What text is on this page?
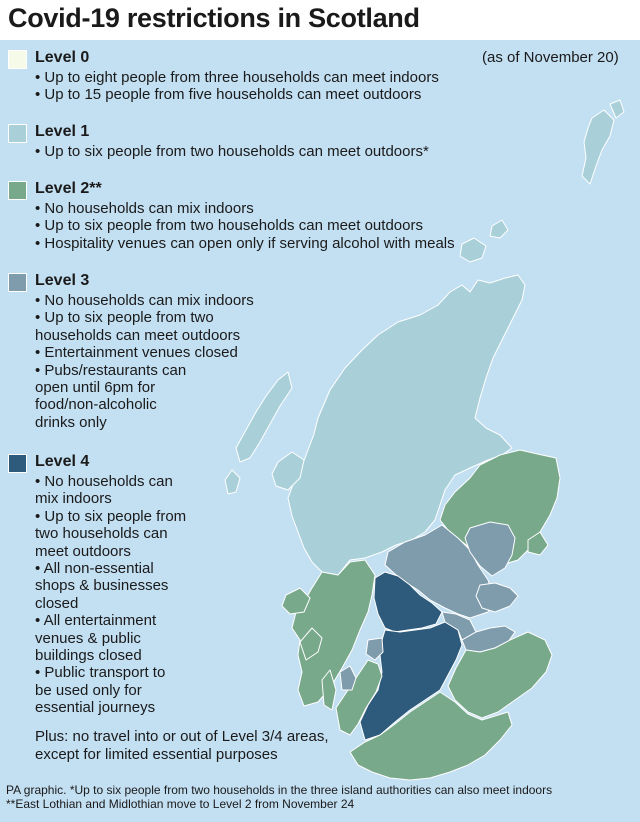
Covid-19 restrictions in Scotland
(as of November 20)
Level 0
• Up to eight people from three households can meet indoors
• Up to 15 people from five households can meet outdoors
Level 1
• Up to six people from two households can meet outdoors*
Level 2**
• No households can mix indoors
• Up to six people from two households can meet outdoors
• Hospitality venues can open only if serving alcohol with meals
Level 3
• No households can mix indoors
• Up to six people from two
households can meet outdoors
• Entertainment venues closed
• Pubs/restaurants can
open until 6pm for
food/non-alcoholic
drinks only
Level 4
• No households can
mix indoors
• Up to six people from
two households can
meet outdoors
• All non-essential
shops & businesses
closed
• All entertainment
venues & public
buildings closed
• Public transport to
be used only for
essential journeys
Plus: no travel into or out of Level 3/4 areas,
except for limited essential purposes
PA graphic. *Up to six people from two households in the three island authorities can also meet indoors
**East Lothian and Midlothian move to Level 2 from November 24
